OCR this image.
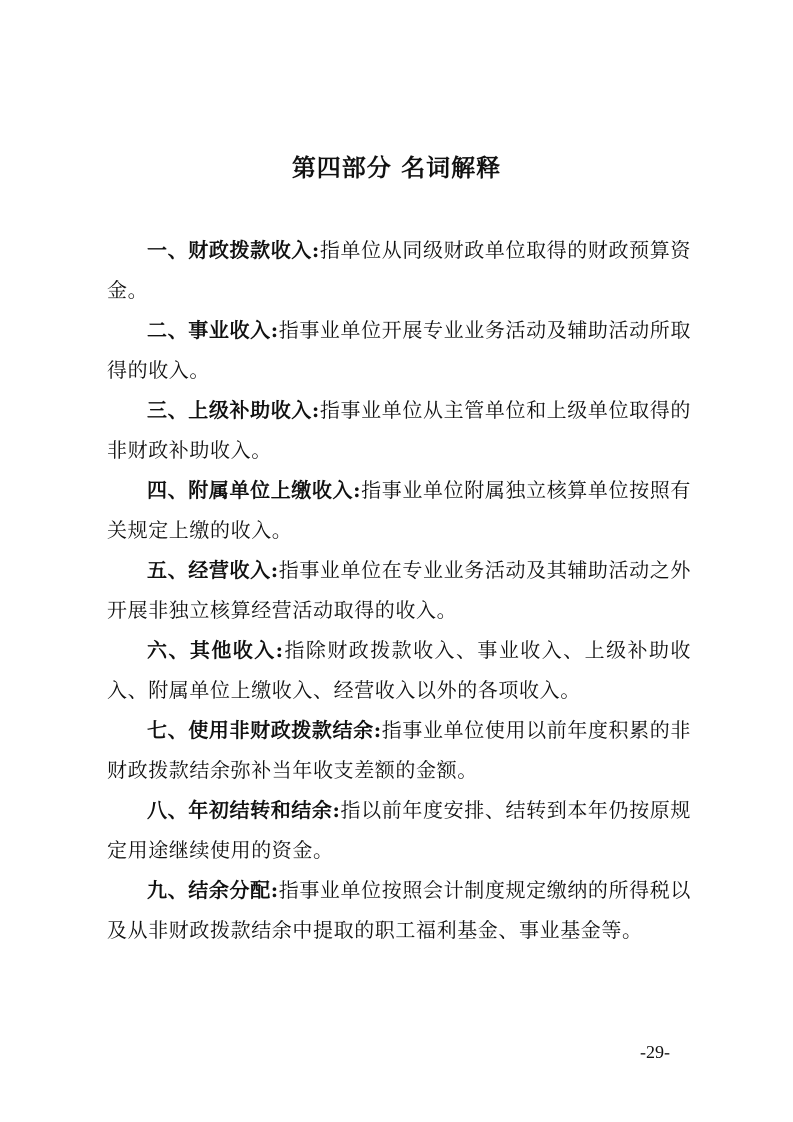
第四部分 名词解释

一、财政拨款收入:指单位从同级财政单位取得的财政预算资金。

二、事业收入:指事业单位开展专业业务活动及辅助活动所取得的收入。

三、上级补助收入:指事业单位从主管单位和上级单位取得的非财政补助收入。

四、附属单位上缴收入:指事业单位附属独立核算单位按照有关规定上缴的收入。

五、经营收入:指事业单位在专业业务活动及其辅助活动之外开展非独立核算经营活动取得的收入。

六、其他收入:指除财政拨款收入、事业收入、上级补助收入、附属单位上缴收入、经营收入以外的各项收入。

七、使用非财政拨款结余:指事业单位使用以前年度积累的非财政拨款结余弥补当年收支差额的金额。

八、年初结转和结余:指以前年度安排、结转到本年仍按原规定用途继续使用的资金。

九、结余分配:指事业单位按照会计制度规定缴纳的所得税以及从非财政拨款结余中提取的职工福利基金、事业基金等。

-29-
